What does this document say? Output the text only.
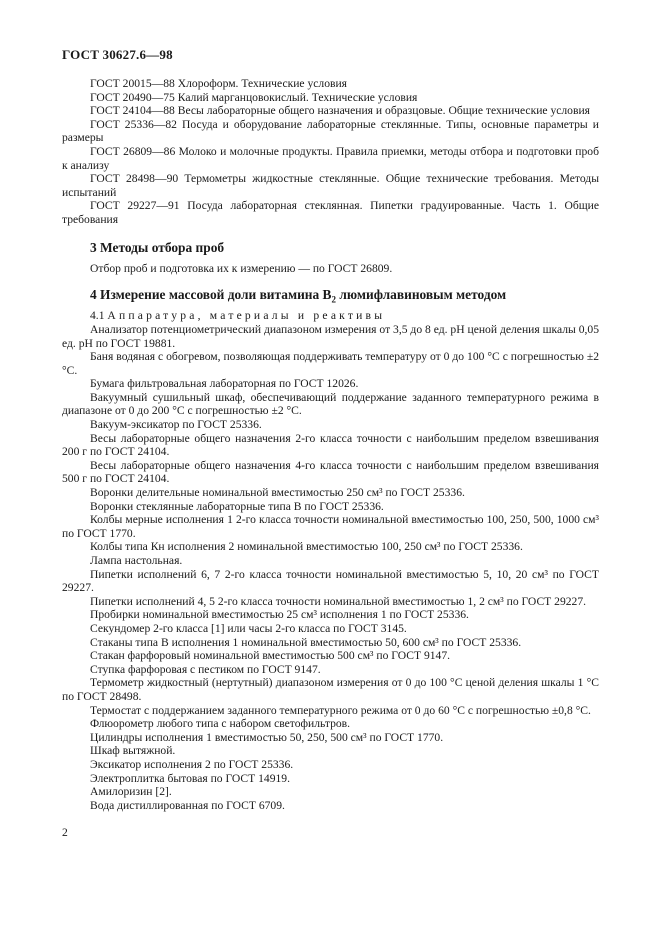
ГОСТ 30627.6—98

ГОСТ 20015—88 Хлороформ. Технические условия

ГОСТ 20490—75 Калий марганцовокислый. Технические условия

ГОСТ 24104—88 Весы лабораторные общего назначения и образцовые. Общие технические условия

ГОСТ 25336—82 Посуда и оборудование лабораторные стеклянные. Типы, основные параметры и размеры

ГОСТ 26809—86 Молоко и молочные продукты. Правила приемки, методы отбора и подготовки проб к анализу

ГОСТ 28498—90 Термометры жидкостные стеклянные. Общие технические требования. Методы испытаний

ГОСТ 29227—91 Посуда лабораторная стеклянная. Пипетки градуированные. Часть 1. Общие требования

3 Методы отбора проб

Отбор проб и подготовка их к измерению — по ГОСТ 26809.

4 Измерение массовой доли витамина $В_2$ люмифлавиновым методом

4.1 Аппаратура, материалы и реактивы

Анализатор потенциометрический диапазоном измерения от 3,5 до 8 ед. рН ценой деления шкалы 0,05 ед. рН по ГОСТ 19881.

Баня водяная с обогревом, позволяющая поддерживать температуру от 0 до 100 °С с погрешностью ±2 °С.

Бумага фильтровальная лабораторная по ГОСТ 12026.

Вакуумный сушильный шкаф, обеспечивающий поддержание заданного температурного режима в диапазоне от 0 до 200 °С с погрешностью ±2 °С.

Вакуум-эксикатор по ГОСТ 25336.

Весы лабораторные общего назначения 2-го класса точности с наибольшим пределом взвешивания 200 г по ГОСТ 24104.

Весы лабораторные общего назначения 4-го класса точности с наибольшим пределом взвешивания 500 г по ГОСТ 24104.

Воронки делительные номинальной вместимостью 250 см³ по ГОСТ 25336.

Воронки стеклянные лабораторные типа В по ГОСТ 25336.

Колбы мерные исполнения 1 2-го класса точности номинальной вместимостью 100, 250, 500, 1000 см³ по ГОСТ 1770.

Колбы типа Кн исполнения 2 номинальной вместимостью 100, 250 см³ по ГОСТ 25336.

Лампа настольная.

Пипетки исполнений 6, 7 2-го класса точности номинальной вместимостью 5, 10, 20 см³ по ГОСТ 29227.

Пипетки исполнений 4, 5 2-го класса точности номинальной вместимостью 1, 2 см³ по ГОСТ 29227.

Пробирки номинальной вместимостью 25 см³ исполнения 1 по ГОСТ 25336.

Секундомер 2-го класса [1] или часы 2-го класса по ГОСТ 3145.

Стаканы типа В исполнения 1 номинальной вместимостью 50, 600 см³ по ГОСТ 25336.

Стакан фарфоровый номинальной вместимостью 500 см³ по ГОСТ 9147.

Ступка фарфоровая с пестиком по ГОСТ 9147.

Термометр жидкостный (нертутный) диапазоном измерения от 0 до 100 °С ценой деления шкалы 1 °С по ГОСТ 28498.

Термостат с поддержанием заданного температурного режима от 0 до 60 °С с погрешностью ±0,8 °С.

Флюорометр любого типа с набором светофильтров.

Цилиндры исполнения 1 вместимостью 50, 250, 500 см³ по ГОСТ 1770.

Шкаф вытяжной.

Эксикатор исполнения 2 по ГОСТ 25336.

Электроплитка бытовая по ГОСТ 14919.

Амилоризин [2].

Вода дистиллированная по ГОСТ 6709.

2
